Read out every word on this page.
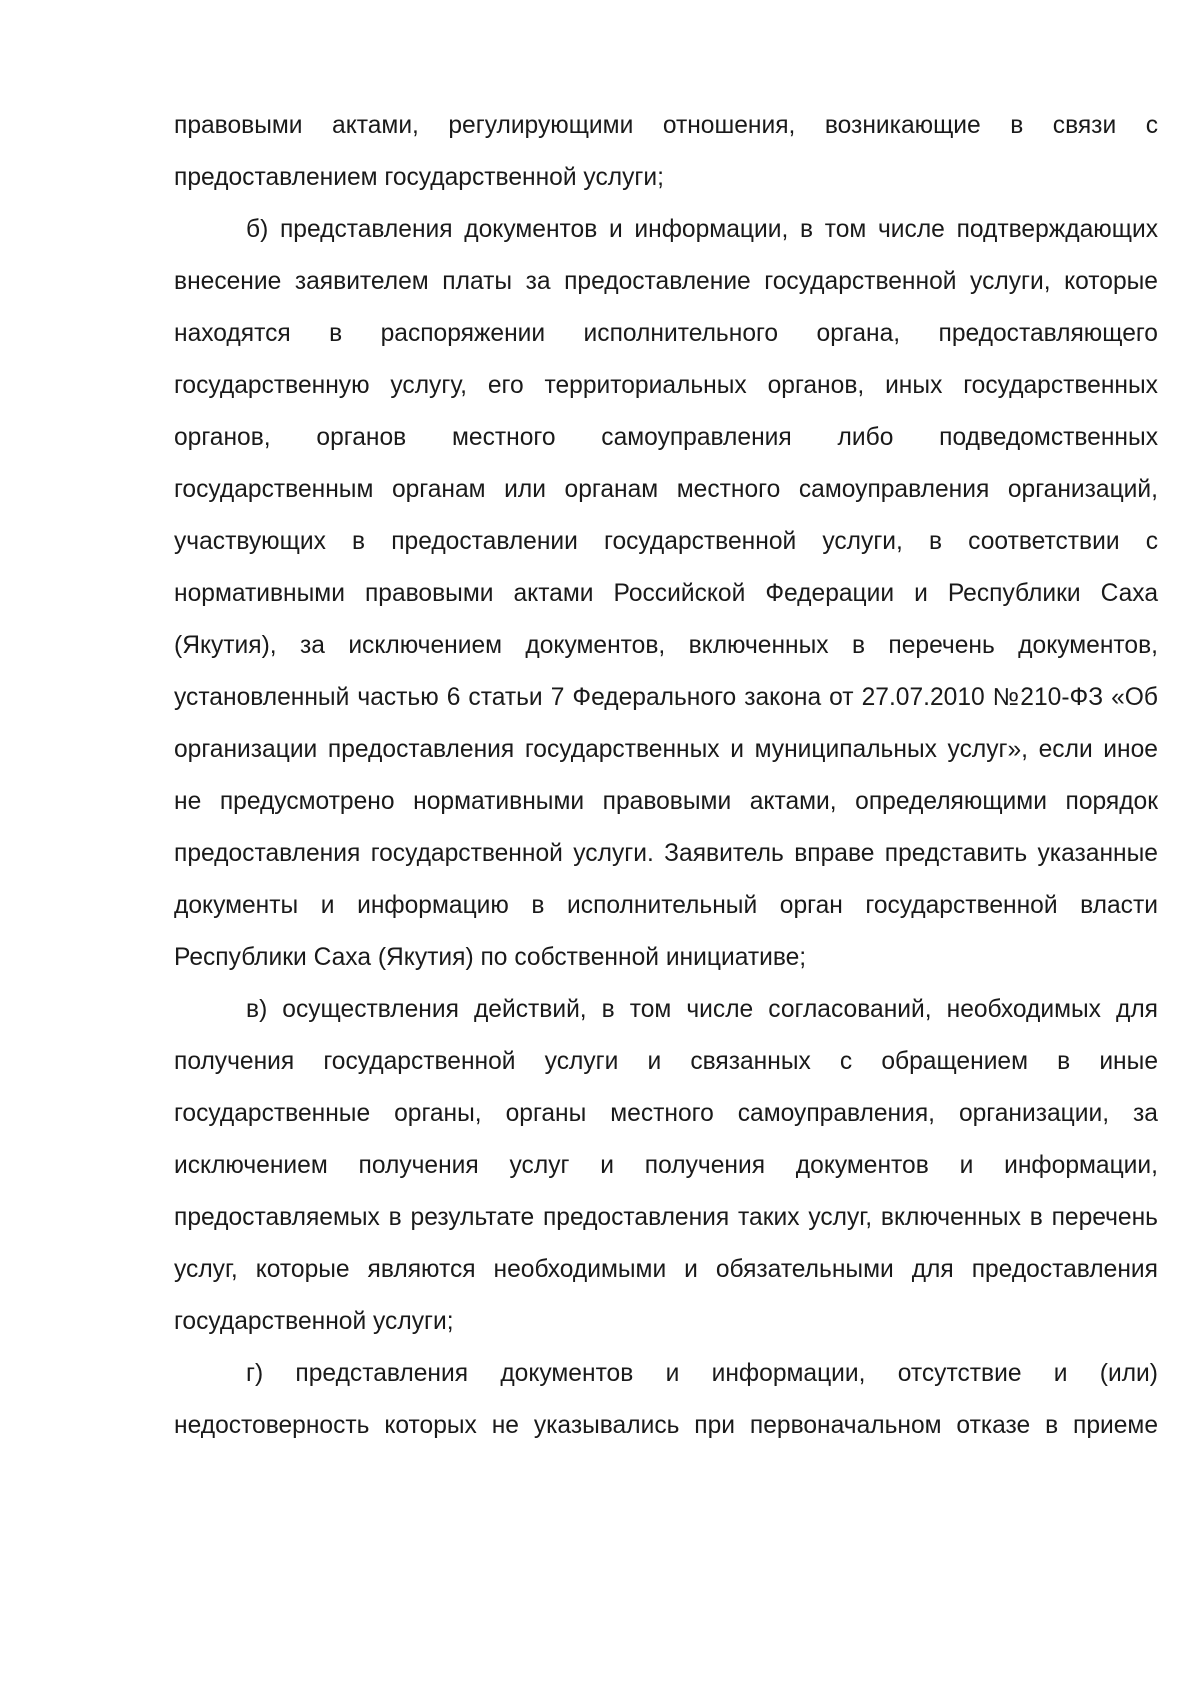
правовыми актами, регулирующими отношения, возникающие в связи с предоставлением государственной услуги;

б) представления документов и информации, в том числе подтверждающих внесение заявителем платы за предоставление государственной услуги, которые находятся в распоряжении исполнительного органа, предоставляющего государственную услугу, его территориальных органов, иных государственных органов, органов местного самоуправления либо подведомственных государственным органам или органам местного самоуправления организаций, участвующих в предоставлении государственной услуги, в соответствии с нормативными правовыми актами Российской Федерации и Республики Саха (Якутия), за исключением документов, включенных в перечень документов, установленный частью 6 статьи 7 Федерального закона от 27.07.2010 №210-ФЗ «Об организации предоставления государственных и муниципальных услуг», если иное не предусмотрено нормативными правовыми актами, определяющими порядок предоставления государственной услуги. Заявитель вправе представить указанные документы и информацию в исполнительный орган государственной власти Республики Саха (Якутия) по собственной инициативе;

в) осуществления действий, в том числе согласований, необходимых для получения государственной услуги и связанных с обращением в иные государственные органы, органы местного самоуправления, организации, за исключением получения услуг и получения документов и информации, предоставляемых в результате предоставления таких услуг, включенных в перечень услуг, которые являются необходимыми и обязательными для предоставления государственной услуги;

г) представления документов и информации, отсутствие и (или) недостоверность которых не указывались при первоначальном отказе в приеме
